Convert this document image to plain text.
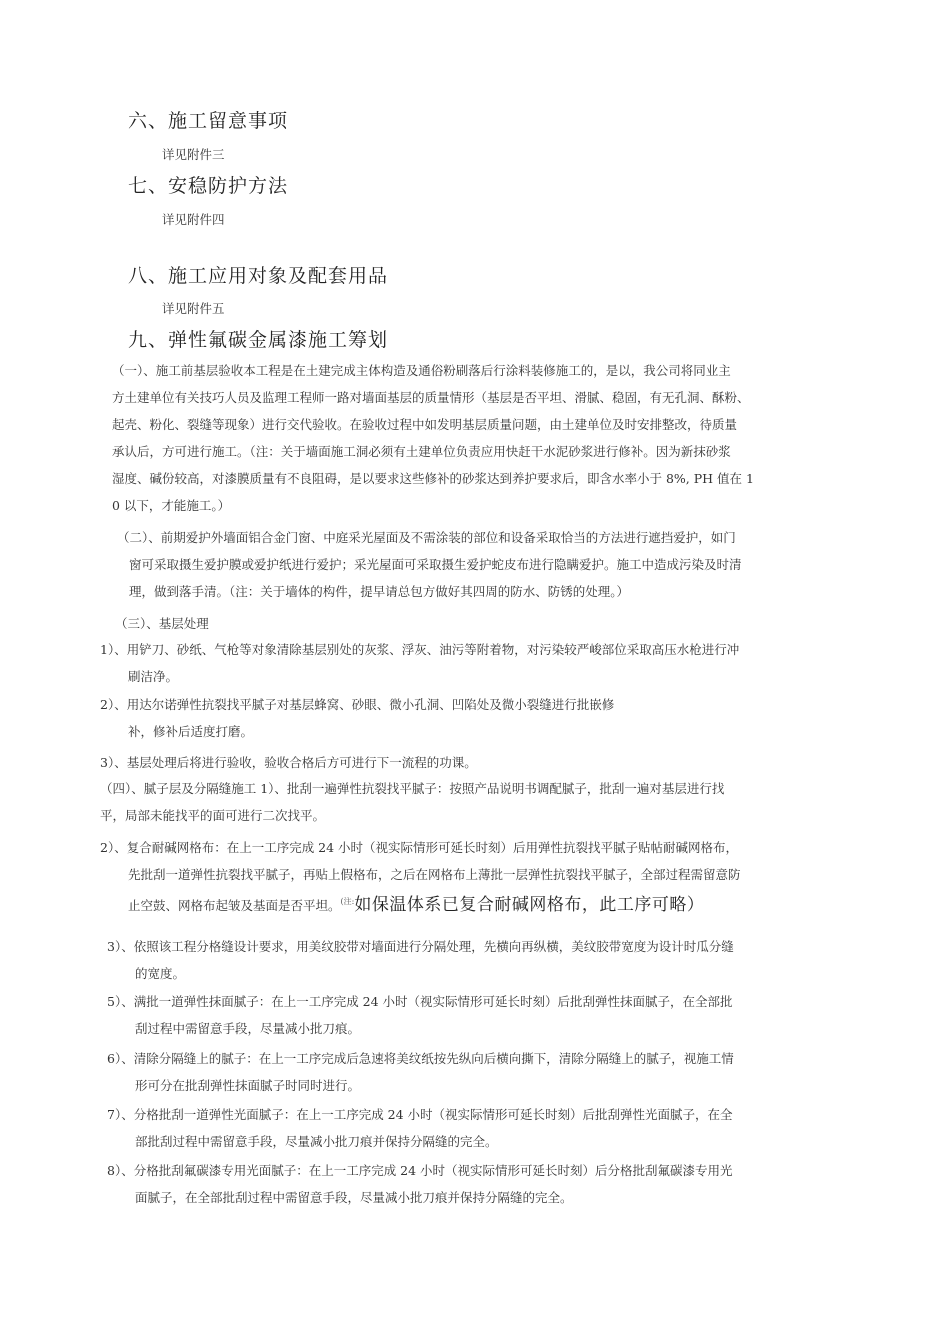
六、施工留意事项
详见附件三
七、安稳防护方法
详见附件四
八、施工应用对象及配套用品
详见附件五
九、弹性氟碳金属漆施工筹划
（一）、施工前基层验收本工程是在土建完成主体构造及通俗粉刷落后行涂料装修施工的，是以，我公司将同业主
方土建单位有关技巧人员及监理工程师一路对墙面基层的质量情形（基层是否平坦、滑腻、稳固，有无孔洞、酥粉、
起壳、粉化、裂缝等现象）进行交代验收。在验收过程中如发明基层质量问题，由土建单位及时安排整改，待质量
承认后，方可进行施工。（注：关于墙面施工洞必须有土建单位负责应用快赶干水泥砂浆进行修补。因为新抹砂浆
湿度、碱份较高，对漆膜质量有不良阻碍，是以要求这些修补的砂浆达到养护要求后，即含水率小于 8%, PH 值在 1
0 以下，才能施工。）
（二）、前期爱护外墙面铝合金门窗、中庭采光屋面及不需涂装的部位和设备采取恰当的方法进行遮挡爱护，如门
窗可采取摄生爱护膜或爱护纸进行爱护；采光屋面可采取摄生爱护蛇皮布进行隐瞒爱护。施工中造成污染及时清
理，做到落手清。（注：关于墙体的构件，提早请总包方做好其四周的防水、防锈的处理。）
（三）、基层处理
1）、用铲刀、砂纸、气枪等对象清除基层别处的灰浆、浮灰、油污等附着物，对污染较严峻部位采取高压水枪进行冲
刷洁净。
2）、用达尔诺弹性抗裂找平腻子对基层蜂窝、砂眼、微小孔洞、凹陷处及微小裂缝进行批嵌修
补，修补后适度打磨。
3）、基层处理后将进行验收，验收合格后方可进行下一流程的功课。
（四）、腻子层及分隔缝施工 1）、批刮一遍弹性抗裂找平腻子：按照产品说明书调配腻子，批刮一遍对基层进行找
平，局部未能找平的面可进行二次找平。
2）、复合耐碱网格布：在上一工序完成 24 小时（视实际情形可延长时刻）后用弹性抗裂找平腻子贴帖耐碱网格布，
先批刮一道弹性抗裂找平腻子，再贴上假格布，之后在网格布上薄批一层弹性抗裂找平腻子，全部过程需留意防
止空鼓、网格布起皱及基面是否平坦。$^{(注:}$如保温体系已复合耐碱网格布，此工序可略）
3）、依照该工程分格缝设计要求，用美纹胶带对墙面进行分隔处理，先横向再纵横，美纹胶带宽度为设计时瓜分缝
的宽度。
5）、满批一道弹性抹面腻子：在上一工序完成 24 小时（视实际情形可延长时刻）后批刮弹性抹面腻子，在全部批
刮过程中需留意手段，尽量减小批刀痕。
6）、清除分隔缝上的腻子：在上一工序完成后急速将美纹纸按先纵向后横向撕下，清除分隔缝上的腻子，视施工情
形可分在批刮弹性抹面腻子时同时进行。
7）、分格批刮一道弹性光面腻子：在上一工序完成 24 小时（视实际情形可延长时刻）后批刮弹性光面腻子，在全
部批刮过程中需留意手段，尽量减小批刀痕并保持分隔缝的完全。
8）、分格批刮氟碳漆专用光面腻子：在上一工序完成 24 小时（视实际情形可延长时刻）后分格批刮氟碳漆专用光
面腻子，在全部批刮过程中需留意手段，尽量减小批刀痕并保持分隔缝的完全。
